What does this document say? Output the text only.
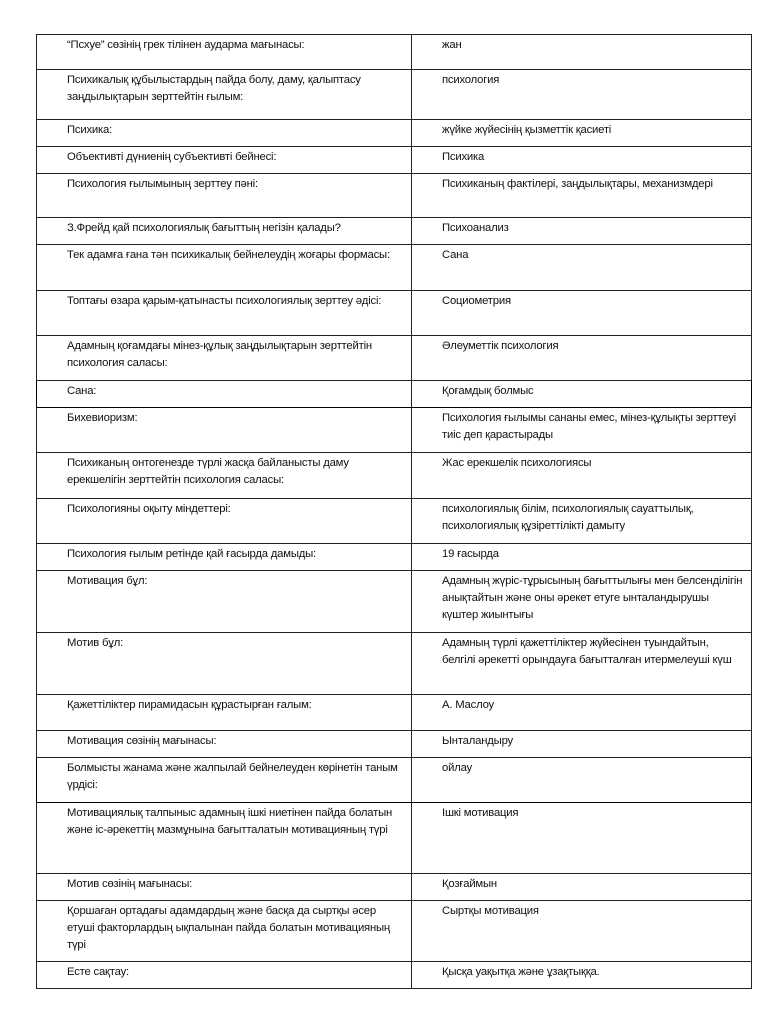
“Псхуе” сөзінің грек тілінен аударма мағынасы:	жан
Психикалық құбылыстардың пайда болу, даму, қалыптасу заңдылықтарын зерттейтін ғылым:	психология
Психика:	жүйке жүйесінің қызметтік қасиеті
Объективті дүниенің субъективті бейнесі:	Психика
Психология ғылымының зерттеу пәні:	Психиканың фактілері, заңдылықтары, механизмдері
З.Фрейд қай психологиялық бағыттың негізін қалады?	Психоанализ
Тек адамға ғана тән психикалық бейнелеудің жоғары формасы:	Сана
Топтағы өзара қарым-қатынасты психологиялық зерттеу әдісі:	Социометрия
Адамның қоғамдағы мінез-құлық заңдылықтарын зерттейтін психология саласы:	Әлеуметтік психология
Сана:	Қоғамдық болмыс
Бихевиоризм:	Психология ғылымы сананы емес, мінез-құлықты зерттеуі тиіс деп қарастырады
Психиканың онтогенезде түрлі жасқа байланысты даму ерекшелігін зерттейтін психология саласы:	Жас ерекшелік психологиясы
Психологияны оқыту міндеттері:	психологиялық білім, психологиялық сауаттылық, психологиялық құзіреттілікті дамыту
Психология ғылым ретінде қай ғасырда дамыды:	19 ғасырда
Мотивация бұл:	Адамның жүріс-тұрысының бағыттылығы мен белсенділігін анықтайтын және оны әрекет етуге ынталандырушы күштер жиынтығы
Мотив бұл:	Адамның түрлі қажеттіліктер жүйесінен туындайтын, белгілі әрекетті орындауға бағытталған итермелеуші күш
Қажеттіліктер пирамидасын құрастырған ғалым:	А. Маслоу
Мотивация сөзінің мағынасы:	Ынталандыру
Болмысты жанама және жалпылай бейнелеуден көрінетін таным үрдісі:	ойлау
Мотивациялық талпыныс адамның ішкі ниетінен пайда болатын және іс-әрекеттің мазмұнына бағытталатын мотивацияның түрі	Ішкі мотивация
Мотив сөзінің мағынасы:	Қозғаймын
Қоршаған ортадағы адамдардың және басқа да сыртқы әсер етуші факторлардың ықпалынан пайда болатын мотивацияның түрі	Сыртқы мотивация
Есте сақтау:	Қысқа уақытқа және ұзақтыққа.
